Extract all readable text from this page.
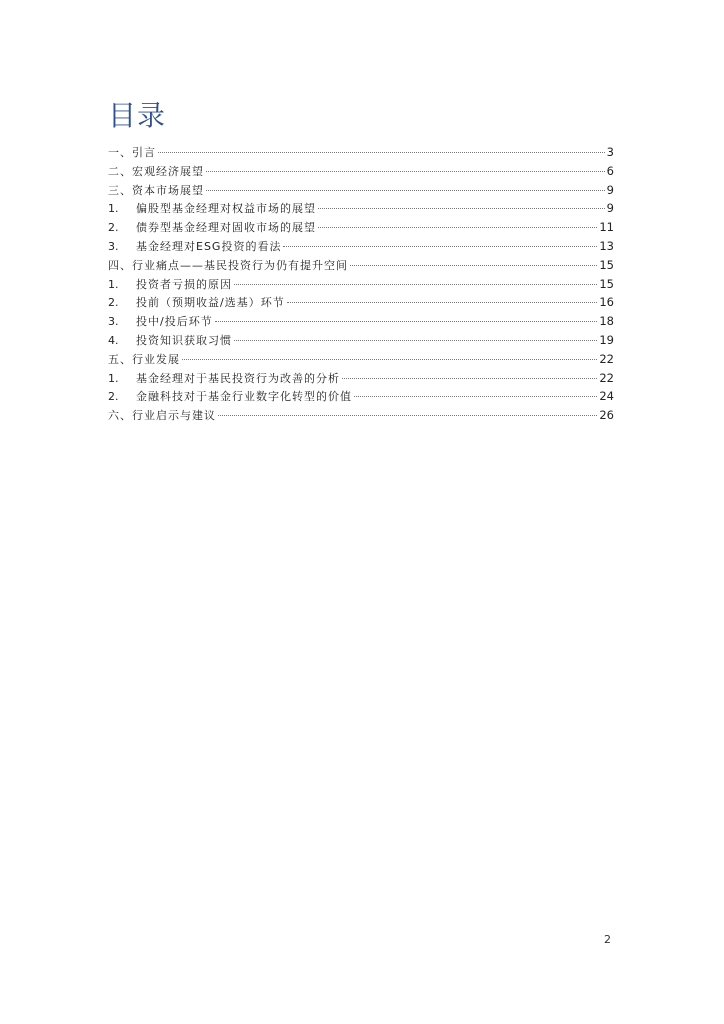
目录
一、引言	3
二、宏观经济展望	6
三、资本市场展望	9
1. 偏股型基金经理对权益市场的展望	9
2. 债券型基金经理对固收市场的展望	11
3. 基金经理对ESG投资的看法	13
四、行业痛点——基民投资行为仍有提升空间	15
1. 投资者亏损的原因	15
2. 投前（预期收益/选基）环节	16
3. 投中/投后环节	18
4. 投资知识获取习惯	19
五、行业发展	22
1. 基金经理对于基民投资行为改善的分析	22
2. 金融科技对于基金行业数字化转型的价值	24
六、行业启示与建议	26
2
